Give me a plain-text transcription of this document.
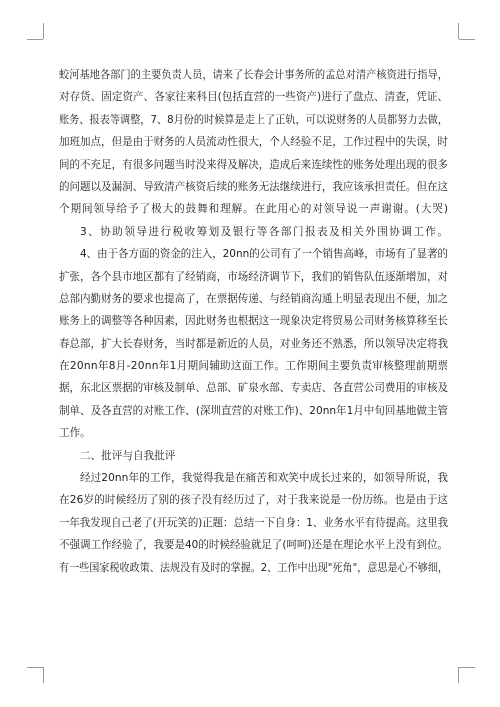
蛟河基地各部门的主要负责人员，请来了长春会计事务所的孟总对清产核资进行指导，
对存货、固定资产、各家往来科目(包括直营的一些资产)进行了盘点、清查，凭证、
账务、报表等调整，7、8月份的时候算是走上了正轨，可以说财务的人员都努力去做，
加班加点，但是由于财务的人员流动性很大，个人经验不足，工作过程中的失误，时
间的不充足，有很多问题当时没来得及解决，造成后来连续性的账务处理出现的很多
的问题以及漏洞、导致清产核资后续的账务无法继续进行，我应该承担责任。但在这
个期间领导给予了极大的鼓舞和理解。在此用心的对领导说一声谢谢。(大哭)
3、协助领导进行税收筹划及银行等各部门报表及相关外围协调工作。
4、由于各方面的资金的注入，20nn的公司有了一个销售高峰，市场有了显著的
扩张，各个县市地区都有了经销商，市场经济调节下，我们的销售队伍逐渐增加，对
总部内勤财务的要求也提高了，在票据传递、与经销商沟通上明显表现出不便，加之
账务上的调整等各种因素，因此财务也根据这一现象决定将贸易公司财务核算移至长
春总部，扩大长春财务，当时都是新近的人员，对业务还不熟悉，所以领导决定将我
在20nn年8月-20nn年1月期间辅助这面工作。工作期间主要负责审核整理前期票
据，东北区票据的审核及制单、总部、矿泉水部、专卖店、各直营公司费用的审核及
制单、及各直营的对账工作、(深圳直营的对账工作)、20nn年1月中旬回基地做主管
工作。
二、批评与自我批评
经过20nn年的工作，我觉得我是在痛苦和欢笑中成长过来的，如领导所说，我
在26岁的时候经历了别的孩子没有经历过了，对于我来说是一份历练。也是由于这
一年我发现自己老了(开玩笑的)正题：总结一下自身：1、业务水平有待提高。这里我
不强调工作经验了，我要是40的时候经验就足了(呵呵)还是在理论水平上没有到位。
有一些国家税收政策、法规没有及时的掌握。2、工作中出现"死角"，意思是心不够细，
